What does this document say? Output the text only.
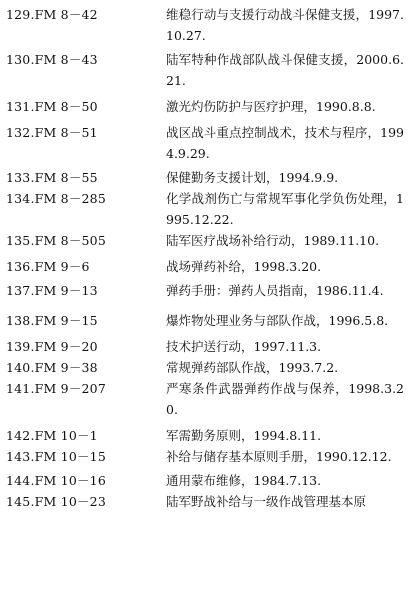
129.FM 8－42	维稳行动与支援行动战斗保健支援，1997.10.27.
130.FM 8－43	陆军特种作战部队战斗保健支援，2000.6.21.
131.FM 8－50	激光灼伤防护与医疗护理，1990.8.8.
132.FM 8－51	战区战斗重点控制战术，技术与程序，1994.9.29.
133.FM 8－55	保健勤务支援计划，1994.9.9.
134.FM 8－285	化学战剂伤亡与常规军事化学负伤处理，1995.12.22.
135.FM 8－505	陆军医疗战场补给行动，1989.11.10.
136.FM 9－6	战场弹药补给，1998.3.20.
137.FM 9－13	弹药手册：弹药人员指南，1986.11.4.
138.FM 9－15	爆炸物处理业务与部队作战，1996.5.8.
139.FM 9－20	技术护送行动，1997.11.3.
140.FM 9－38	常规弹药部队作战，1993.7.2.
141.FM 9－207	严寒条件武器弹药作战与保养，1998.3.20.
142.FM 10－1	军需勤务原则，1994.8.11.
143.FM 10－15	补给与储存基本原则手册，1990.12.12.
144.FM 10－16	通用蒙布维修，1984.7.13.
145.FM 10－23	陆军野战补给与一级作战管理基本原
